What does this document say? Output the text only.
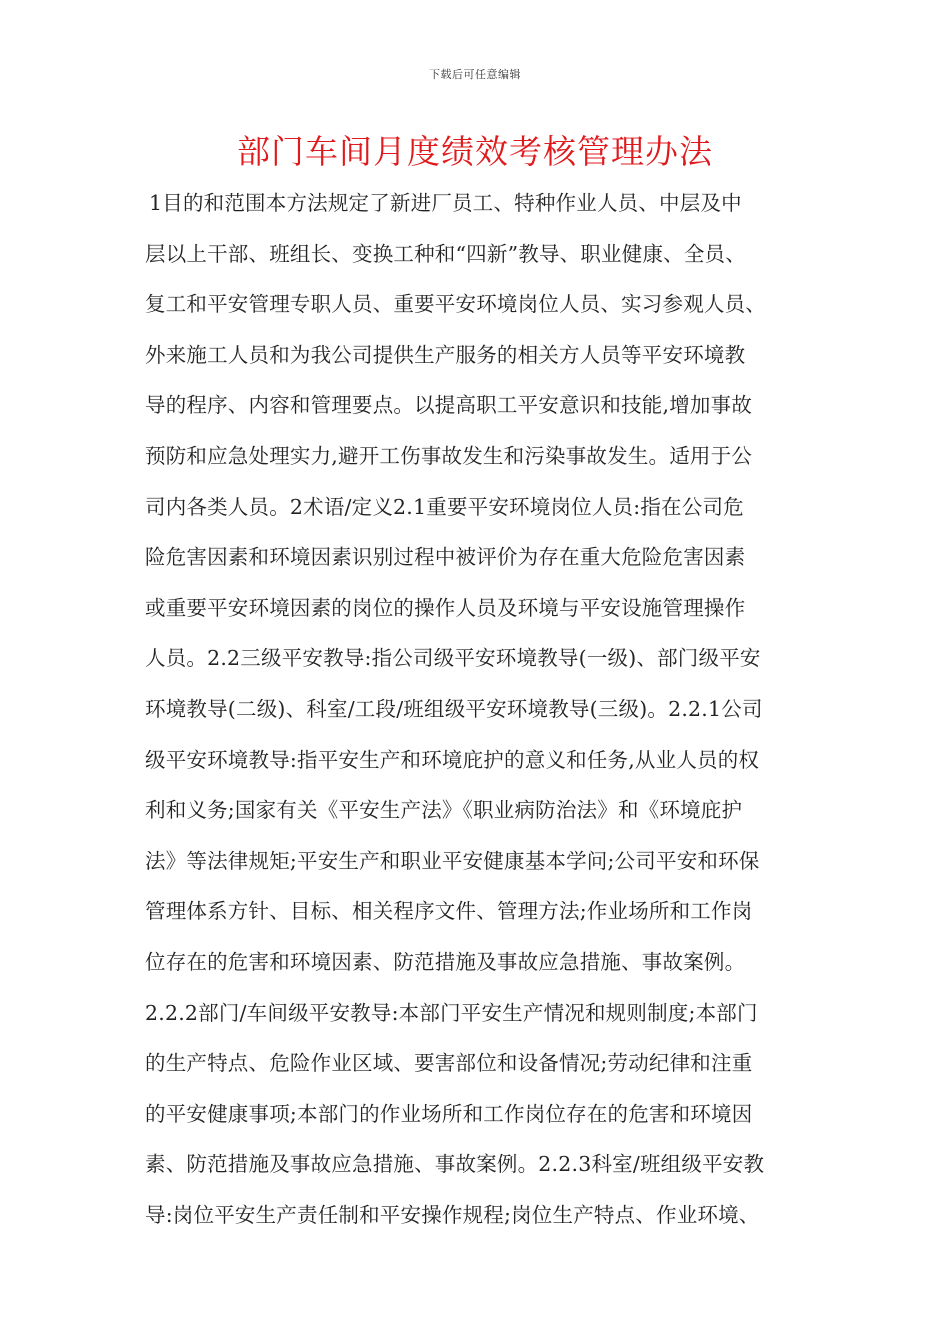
下载后可任意编辑
部门车间月度绩效考核管理办法
1目的和范围本方法规定了新进厂员工、特种作业人员、中层及中
层以上干部、班组长、变换工种和“四新”教导、职业健康、全员、
复工和平安管理专职人员、重要平安环境岗位人员、实习参观人员、
外来施工人员和为我公司提供生产服务的相关方人员等平安环境教
导的程序、内容和管理要点。以提高职工平安意识和技能,增加事故
预防和应急处理实力,避开工伤事故发生和污染事故发生。适用于公
司内各类人员。2术语/定义2.1重要平安环境岗位人员:指在公司危
险危害因素和环境因素识别过程中被评价为存在重大危险危害因素
或重要平安环境因素的岗位的操作人员及环境与平安设施管理操作
人员。2.2三级平安教导:指公司级平安环境教导(一级)、部门级平安
环境教导(二级)、科室/工段/班组级平安环境教导(三级)。2.2.1公司
级平安环境教导:指平安生产和环境庇护的意义和任务,从业人员的权
利和义务;国家有关《平安生产法》《职业病防治法》和《环境庇护
法》等法律规矩;平安生产和职业平安健康基本学问;公司平安和环保
管理体系方针、目标、相关程序文件、管理方法;作业场所和工作岗
位存在的危害和环境因素、防范措施及事故应急措施、事故案例。
2.2.2部门/车间级平安教导:本部门平安生产情况和规则制度;本部门
的生产特点、危险作业区域、要害部位和设备情况;劳动纪律和注重
的平安健康事项;本部门的作业场所和工作岗位存在的危害和环境因
素、防范措施及事故应急措施、事故案例。2.2.3科室/班组级平安教
导:岗位平安生产责任制和平安操作规程;岗位生产特点、作业环境、
